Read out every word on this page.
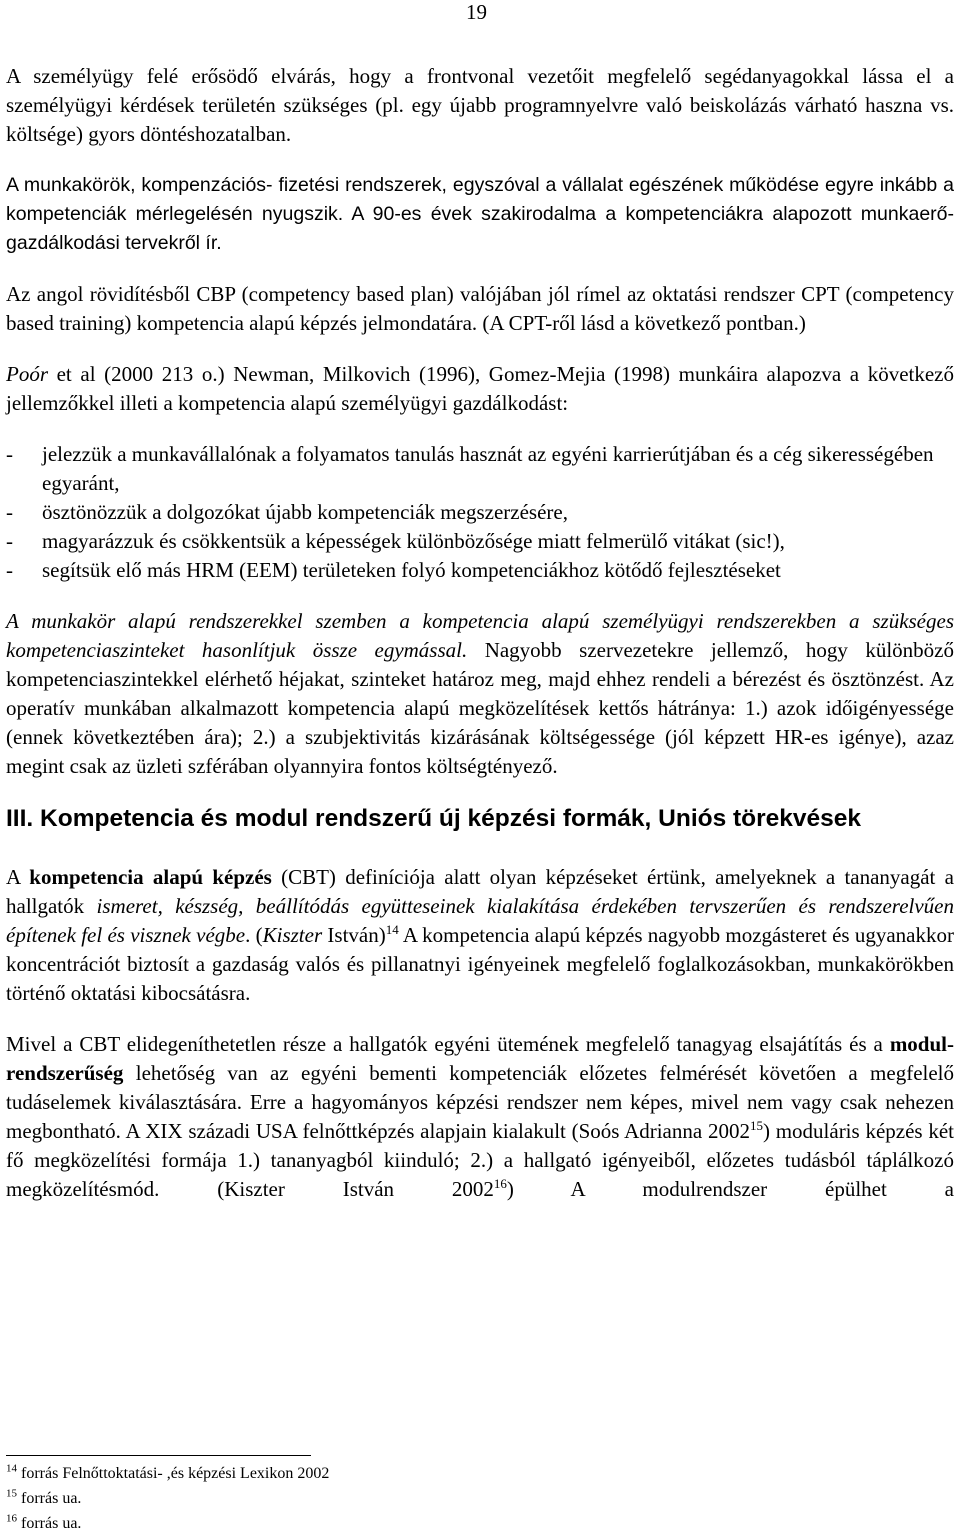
19

A személyügy felé erősödő elvárás, hogy a frontvonal vezetőit megfelelő segédanyagokkal lássa el a személyügyi kérdések területén szükséges (pl. egy újabb programnyelvre való beiskolázás várható haszna vs. költsége) gyors döntéshozatalban.

A munkakörök, kompenzációs- fizetési rendszerek, egyszóval a vállalat egészének működése egyre inkább a kompetenciák mérlegelésén nyugszik. A 90-es évek szakirodalma a kompetenciákra alapozott munkaerő-gazdálkodási tervekről ír.

Az angol rövidítésből CBP (competency based plan) valójában jól rímel az oktatási rendszer CPT (competency based training) kompetencia alapú képzés jelmondatára. (A CPT-ről lásd a következő pontban.)

Poór et al (2000 213 o.) Newman, Milkovich (1996), Gomez-Mejia (1998) munkáira alapozva a következő jellemzőkkel illeti a kompetencia alapú személyügyi gazdálkodást:

- jelezzük a munkavállalónak a folyamatos tanulás hasznát az egyéni karrierútjában és a cég sikerességében egyaránt,
- ösztönözzük a dolgozókat újabb kompetenciák megszerzésére,
- magyarázzuk és csökkentsük a képességek különbözősége miatt felmerülő vitákat (sic!),
- segítsük elő más HRM (EEM) területeken folyó kompetenciákhoz kötődő fejlesztéseket

A munkakör alapú rendszerekkel szemben a kompetencia alapú személyügyi rendszerekben a szükséges kompetenciaszinteket hasonlítjuk össze egymással. Nagyobb szervezetekre jellemző, hogy különböző kompetenciaszintekkel elérhető héjakat, szinteket határoz meg, majd ehhez rendeli a bérezést és ösztönzést. Az operatív munkában alkalmazott kompetencia alapú megközelítések kettős hátránya: 1.) azok időigényessége (ennek következtében ára); 2.) a szubjektivitás kizárásának költségessége (jól képzett HR-es igénye), azaz megint csak az üzleti szférában olyannyira fontos költségtényező.

III. Kompetencia és modul rendszerű új képzési formák, Uniós törekvések

A kompetencia alapú képzés (CBT) definíciója alatt olyan képzéseket értünk, amelyeknek a tananyagát a hallgatók ismeret, készség, beállítódás együtteseinek kialakítása érdekében tervszerűen és rendszerelvűen építenek fel és visznek végbe. (Kiszter István)$^{14}$ A kompetencia alapú képzés nagyobb mozgásteret és ugyanakkor koncentrációt biztosít a gazdaság valós és pillanatnyi igényeinek megfelelő foglalkozásokban, munkakörökben történő oktatási kibocsátásra.

Mivel a CBT elidegeníthetetlen része a hallgatók egyéni ütemének megfelelő tanagyag elsajátítás és a modul-rendszerűség lehetőség van az egyéni bementi kompetenciák előzetes felmérését követően a megfelelő tudáselemek kiválasztására. Erre a hagyományos képzési rendszer nem képes, mivel nem vagy csak nehezen megbontható. A XIX századi USA felnőttképzés alapjain kialakult (Soós Adrianna 2002$^{15}$) moduláris képzés két fő megközelítési formája 1.) tananyagból kiinduló; 2.) a hallgató igényeiből, előzetes tudásból táplálkozó megközelítésmód. (Kiszter István 2002$^{16}$) A modulrendszer épülhet a

$^{14}$ forrás Felnőttoktatási- ,és képzési Lexikon 2002
$^{15}$ forrás ua.
$^{16}$ forrás ua.
